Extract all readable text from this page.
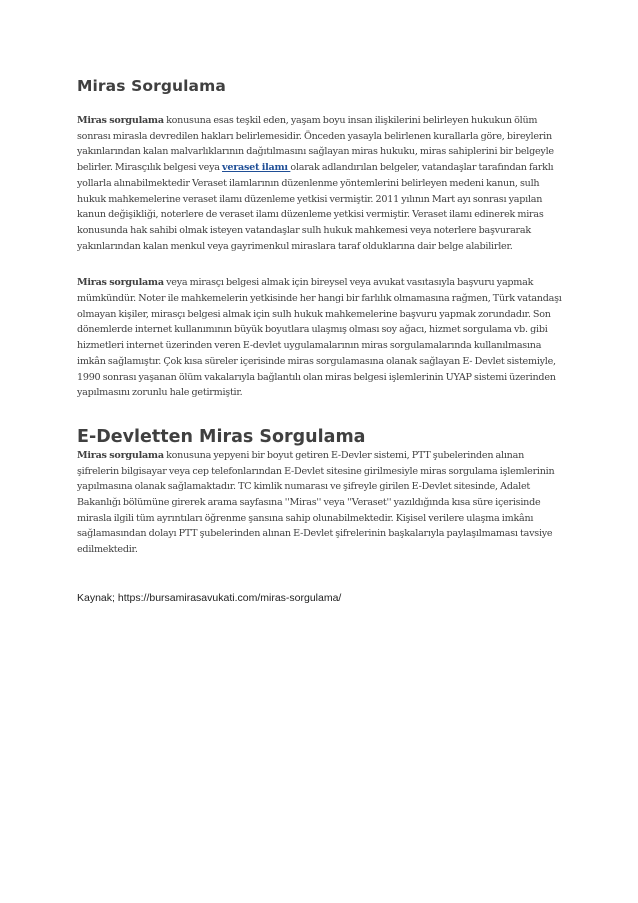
Miras Sorgulama

Miras sorgulama konusuna esas teşkil eden, yaşam boyu insan ilişkilerini belirleyen hukukun ölüm sonrası mirasla devredilen hakları belirlemesidir. Önceden yasayla belirlenen kurallarla göre, bireylerin yakınlarından kalan malvarlıklarının dağıtılmasını sağlayan miras hukuku, miras sahiplerini bir belgeyle belirler. Mirasçılık belgesi veya veraset ilamı olarak adlandırılan belgeler, vatandaşlar tarafından farklı yollarla alınabilmektedir Veraset ilamlarının düzenlenme yöntemlerini belirleyen medeni kanun, sulh hukuk mahkemelerine veraset ilamı düzenleme yetkisi vermiştir. 2011 yılının Mart ayı sonrası yapılan kanun değişikliği, noterlere de veraset ilamı düzenleme yetkisi vermiştir. Veraset ilamı edinerek miras konusunda hak sahibi olmak isteyen vatandaşlar sulh hukuk mahkemesi veya noterlere başvurarak yakınlarından kalan menkul veya gayrimenkul miraslara taraf olduklarına dair belge alabilirler.

Miras sorgulama veya mirasçı belgesi almak için bireysel veya avukat vasıtasıyla başvuru yapmak mümkündür. Noter ile mahkemelerin yetkisinde her hangi bir farlılık olmamasına rağmen, Türk vatandaşı olmayan kişiler, mirasçı belgesi almak için sulh hukuk mahkemelerine başvuru yapmak zorundadır. Son dönemlerde internet kullanımının büyük boyutlara ulaşmış olması soy ağacı, hizmet sorgulama vb. gibi hizmetleri internet üzerinden veren E-devlet uygulamalarının miras sorgulamalarında kullanılmasına imkân sağlamıştır. Çok kısa süreler içerisinde miras sorgulamasına olanak sağlayan E- Devlet sistemiyle, 1990 sonrası yaşanan ölüm vakalarıyla bağlantılı olan miras belgesi işlemlerinin UYAP sistemi üzerinden yapılmasını zorunlu hale getirmiştir.

E-Devletten Miras Sorgulama

Miras sorgulama konusuna yepyeni bir boyut getiren E-Devler sistemi, PTT şubelerinden alınan şifrelerin bilgisayar veya cep telefonlarından E-Devlet sitesine girilmesiyle miras sorgulama işlemlerinin yapılmasına olanak sağlamaktadır. TC kimlik numarası ve şifreyle girilen E-Devlet sitesinde, Adalet Bakanlığı bölümüne girerek arama sayfasına ''Miras'' veya ''Veraset'' yazıldığında kısa süre içerisinde mirasla ilgili tüm ayrıntıları öğrenme şansına sahip olunabilmektedir. Kişisel verilere ulaşma imkânı sağlamasından dolayı PTT şubelerinden alınan E-Devlet şifrelerinin başkalarıyla paylaşılmaması tavsiye edilmektedir.

Kaynak; https://bursamirasavukati.com/miras-sorgulama/
